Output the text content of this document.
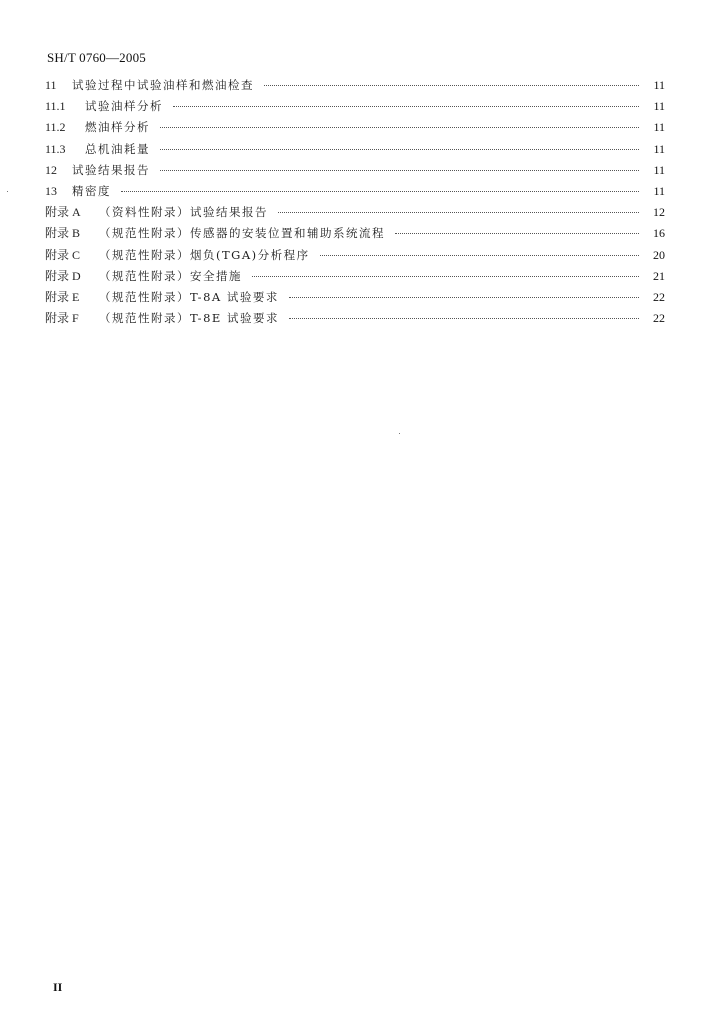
SH/T 0760—2005
11	试验过程中试验油样和燃油检查	11
11.1	试验油样分析	11
11.2	燃油样分析	11
11.3	总机油耗量	11
12	试验结果报告	11
13	精密度	11
附录 A	（资料性附录）试验结果报告	12
附录 B	（规范性附录）传感器的安装位置和辅助系统流程	16
附录 C	（规范性附录）烟负(TGA)分析程序	20
附录 D	（规范性附录）安全措施	21
附录 E	（规范性附录）T-8A 试验要求	22
附录 F	（规范性附录）T-8E 试验要求	22
II
